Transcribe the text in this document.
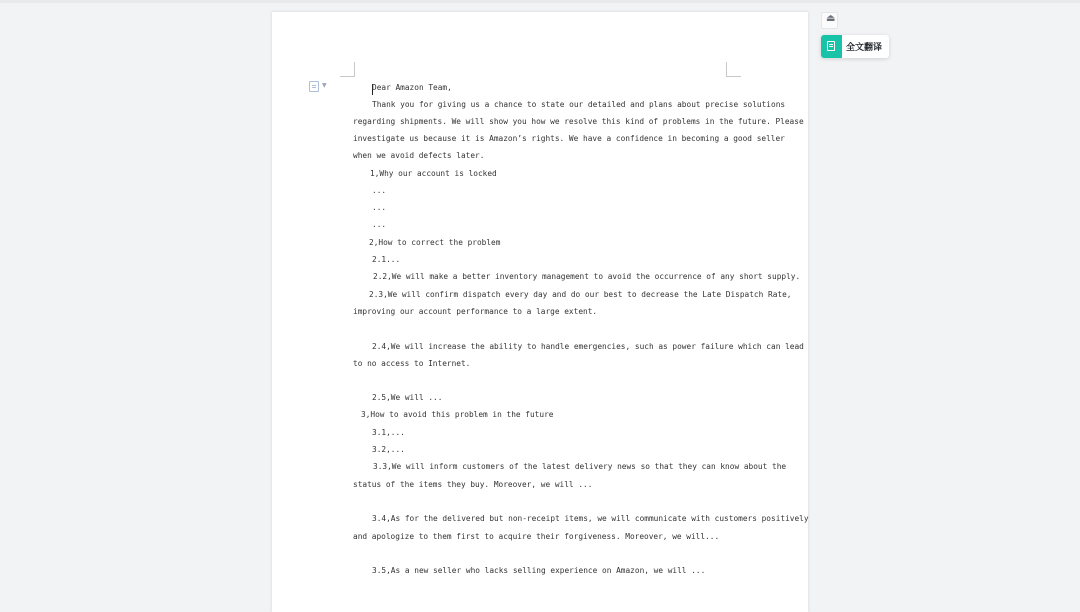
▼	Dear Amazon Team,
Thank you for giving us a chance to state our detailed and plans about precise solutions
regarding shipments. We will show you how we resolve this kind of problems in the future. Please
investigate us because it is Amazon’s rights. We have a confidence in becoming a good seller
when we avoid defects later.
1,Why our account is locked
...
...
...
2,How to correct the problem
2.1...
2.2,We will make a better inventory management to avoid the occurrence of any short supply.
2.3,We will confirm dispatch every day and do our best to decrease the Late Dispatch Rate,
improving our account performance to a large extent.
2.4,We will increase the ability to handle emergencies, such as power failure which can lead
to no access to Internet.
2.5,We will ...
3,How to avoid this problem in the future
3.1,...
3.2,...
3.3,We will inform customers of the latest delivery news so that they can know about the
status of the items they buy. Moreover, we will ...
3.4,As for the delivered but non-receipt items, we will communicate with customers positively
and apologize to them first to acquire their forgiveness. Moreover, we will...
3.5,As a new seller who lacks selling experience on Amazon, we will ...
⏏
全文翻译
